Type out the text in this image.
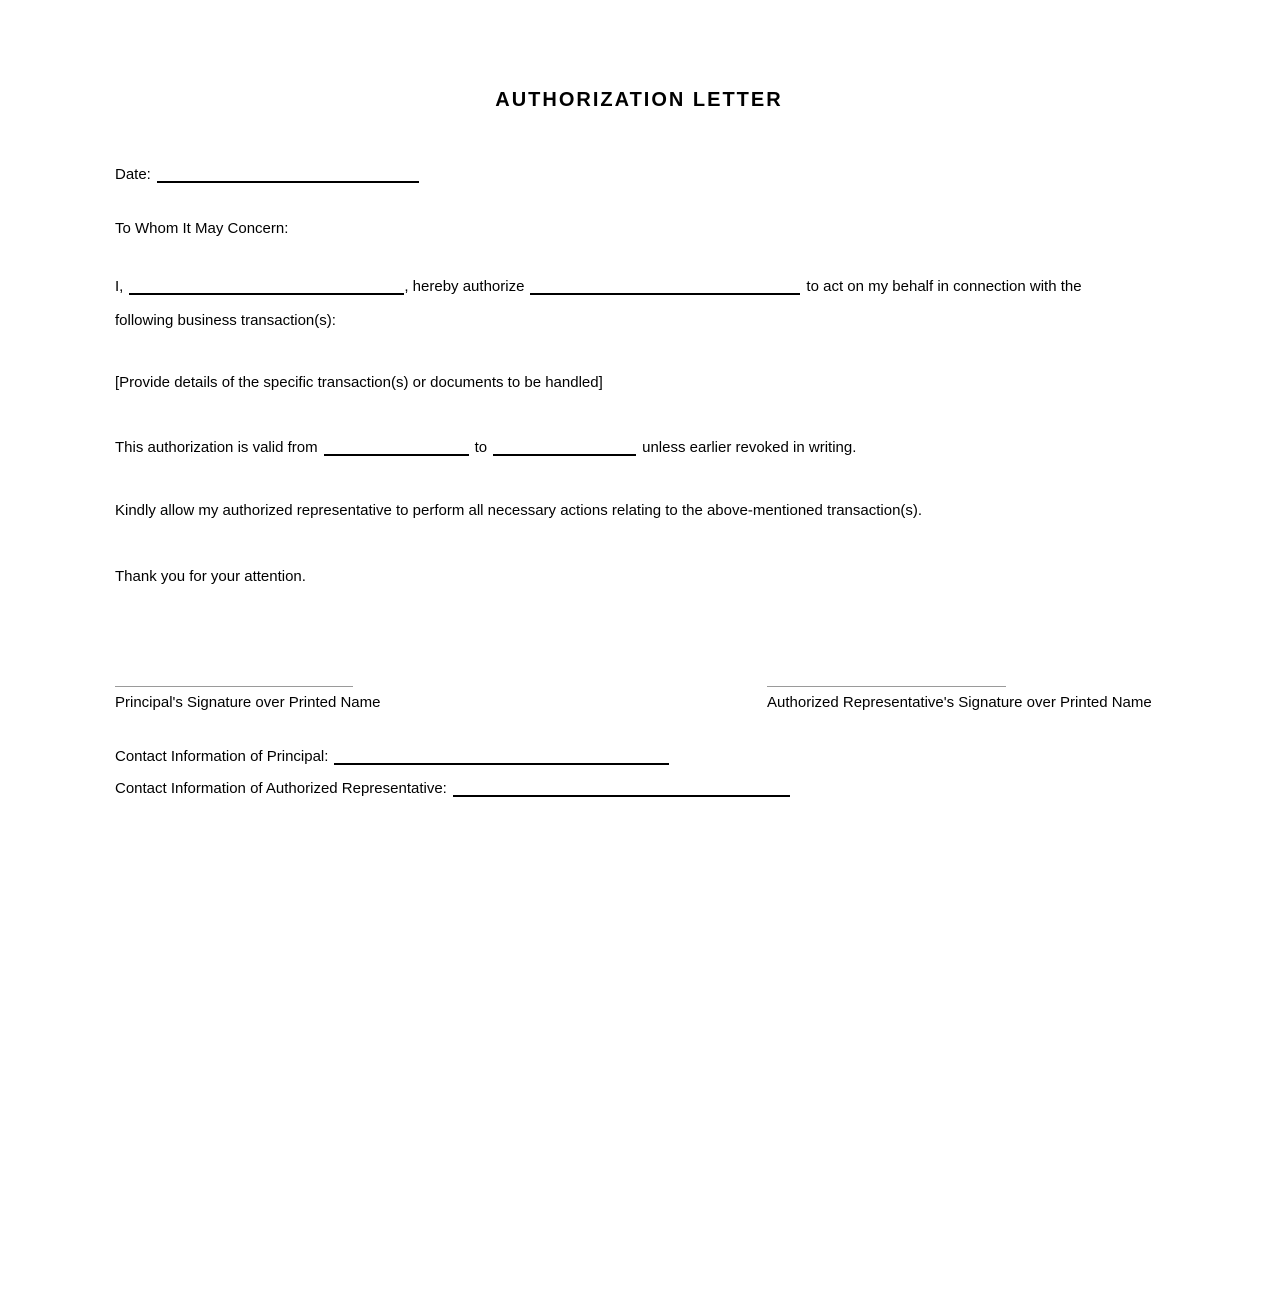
AUTHORIZATION LETTER

Date:

To Whom It May Concern:

I,	, hereby authorize	to act on my behalf in connection with the
following business transaction(s):

[Provide details of the specific transaction(s) or documents to be handled]

This authorization is valid from	to	unless earlier revoked in writing.

Kindly allow my authorized representative to perform all necessary actions relating to the above-mentioned transaction(s).

Thank you for your attention.

Principal's Signature over Printed Name	Authorized Representative's Signature over Printed Name

Contact Information of Principal:

Contact Information of Authorized Representative:
